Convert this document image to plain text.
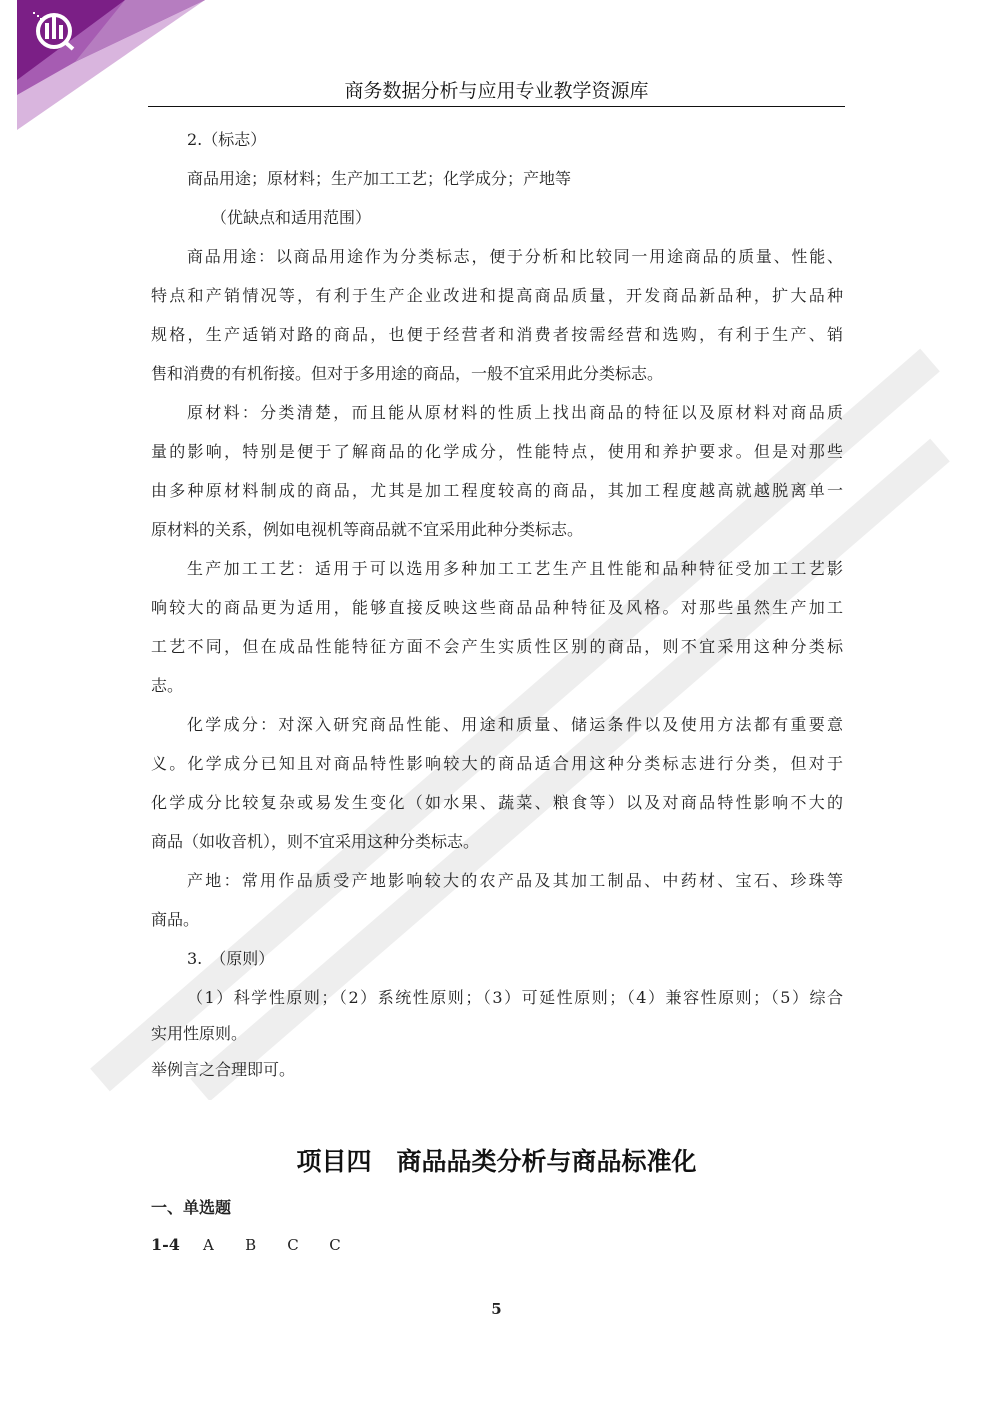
商务数据分析与应用专业教学资源库
2.（标志）
商品用途；原材料；生产加工工艺；化学成分；产地等
（优缺点和适用范围）
商品用途：以商品用途作为分类标志，便于分析和比较同一用途商品的质量、性能、
特点和产销情况等，有利于生产企业改进和提高商品质量，开发商品新品种，扩大品种
规格，生产适销对路的商品，也便于经营者和消费者按需经营和选购，有利于生产、销
售和消费的有机衔接。但对于多用途的商品，一般不宜采用此分类标志。
原材料：分类清楚，而且能从原材料的性质上找出商品的特征以及原材料对商品质
量的影响，特别是便于了解商品的化学成分，性能特点，使用和养护要求。但是对那些
由多种原材料制成的商品，尤其是加工程度较高的商品，其加工程度越高就越脱离单一
原材料的关系，例如电视机等商品就不宜采用此种分类标志。
生产加工工艺：适用于可以选用多种加工工艺生产且性能和品种特征受加工工艺影
响较大的商品更为适用，能够直接反映这些商品品种特征及风格。对那些虽然生产加工
工艺不同，但在成品性能特征方面不会产生实质性区别的商品，则不宜采用这种分类标
志。
化学成分：对深入研究商品性能、用途和质量、储运条件以及使用方法都有重要意
义。化学成分已知且对商品特性影响较大的商品适合用这种分类标志进行分类，但对于
化学成分比较复杂或易发生变化（如水果、蔬菜、粮食等）以及对商品特性影响不大的
商品（如收音机），则不宜采用这种分类标志。
产地：常用作品质受产地影响较大的农产品及其加工制品、中药材、宝石、珍珠等
商品。
3.　（原则）
（1）科学性原则；（2）系统性原则；（3）可延性原则；（4）兼容性原则；（5）综合
实用性原则。
举例言之合理即可。
项目四　商品品类分析与商品标准化
一、单选题
1-4 A B C C
5
